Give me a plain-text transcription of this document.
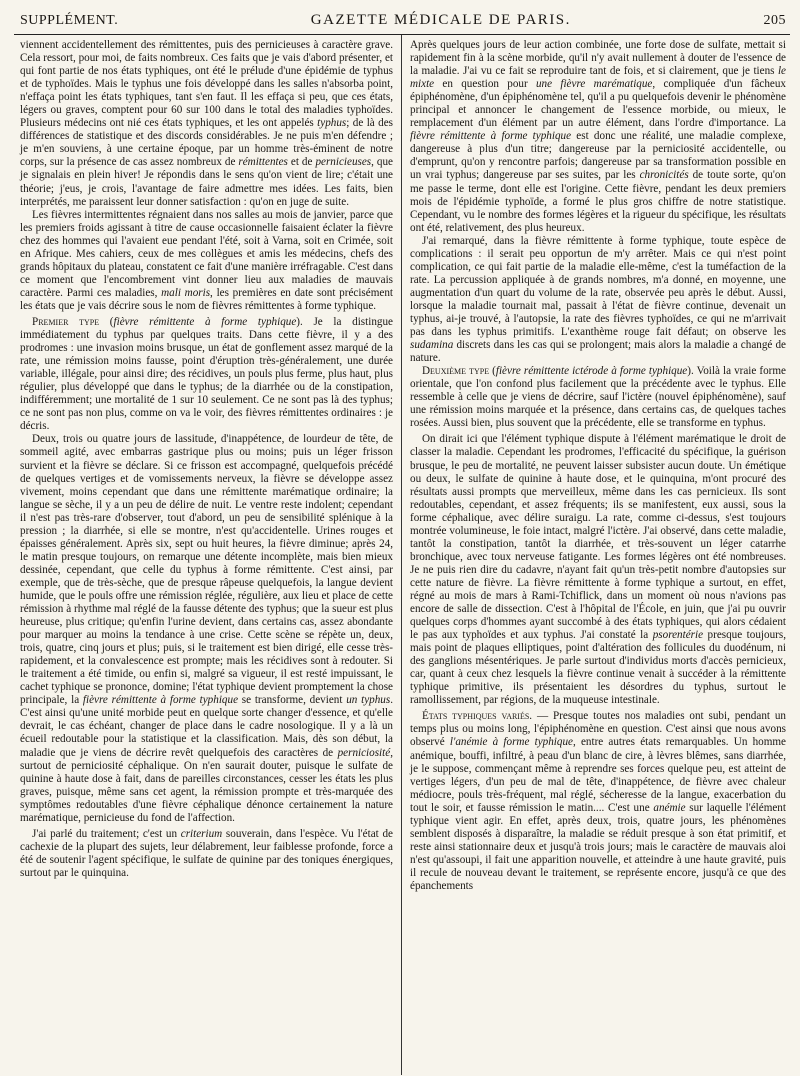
SUPPLÉMENT.	GAZETTE MÉDICALE DE PARIS.	205

viennent accidentellement des rémittentes, puis des pernicieuses à caractère grave. Cela ressort, pour moi, de faits nombreux. Ces faits que je vais d'abord présenter, et qui font partie de nos états typhiques, ont été le prélude d'une épidémie de typhus et de typhoïdes. Mais le typhus une fois développé dans les salles n'absorba point, n'effaça point les états typhiques, tant s'en faut. Il les effaça si peu, que ces états, légers ou graves, comptent pour 60 sur 100 dans le total des maladies typhoïdes. Plusieurs médecins ont nié ces états typhiques, et les ont appelés typhus; de là des différences de statistique et des discords considérables. Je ne puis m'en défendre ; je m'en souviens, à une certaine époque, par un homme très-éminent de notre corps, sur la présence de cas assez nombreux de rémittentes et de pernicieuses, que je signalais en plein hiver! Je répondis dans le sens qu'on vient de lire; c'était une théorie; j'eus, je crois, l'avantage de faire admettre mes idées. Les faits, bien interprétés, me paraissent leur donner satisfaction : qu'on en juge de suite.

Les fièvres intermittentes régnaient dans nos salles au mois de janvier, parce que les premiers froids agissant à titre de cause occasionnelle faisaient éclater la fièvre chez des hommes qui l'avaient eue pendant l'été, soit à Varna, soit en Crimée, soit en Afrique. Mes cahiers, ceux de mes collègues et amis les médecins, chefs des grands hôpitaux du plateau, constatent ce fait d'une manière irréfragable. C'est dans ce moment que l'encombrement vint donner lieu aux maladies de mauvais caractère. Parmi ces maladies, mali moris, les premières en date sont précisément les états que je vais décrire sous le nom de fièvres rémittentes à forme typhique.

Premier type (fièvre rémittente à forme typhique). Je la distingue immédiatement du typhus par quelques traits. Dans cette fièvre, il y a des prodromes : une invasion moins brusque, un état de gonflement assez marqué de la rate, une rémission moins fausse, point d'éruption très-généralement, une durée variable, illégale, pour ainsi dire; des récidives, un pouls plus ferme, plus haut, plus régulier, plus développé que dans le typhus; de la diarrhée ou de la constipation, indifféremment; une mortalité de 1 sur 10 seulement. Ce ne sont pas là des typhus; ce ne sont pas non plus, comme on va le voir, des fièvres rémittentes ordinaires : je décris.

Deux, trois ou quatre jours de lassitude, d'inappétence, de lourdeur de tête, de sommeil agité, avec embarras gastrique plus ou moins; puis un léger frisson survient et la fièvre se déclare. Si ce frisson est accompagné, quelquefois précédé de quelques vertiges et de vomissements nerveux, la fièvre se développe assez vivement, moins cependant que dans une rémittente marématique ordinaire; la langue se sèche, il y a un peu de délire de nuit. Le ventre reste indolent; cependant il n'est pas très-rare d'observer, tout d'abord, un peu de sensibilité splénique à la pression ; la diarrhée, si elle se montre, n'est qu'accidentelle. Urines rouges et épaisses généralement. Après six, sept ou huit heures, la fièvre diminue; après 24, le matin presque toujours, on remarque une détente incomplète, mais bien mieux dessinée, cependant, que celle du typhus à forme rémittente. C'est ainsi, par exemple, que de très-sèche, que de presque râpeuse quelquefois, la langue devient humide, que le pouls offre une rémission réglée, régulière, aux lieu et place de cette rémission à rhythme mal réglé de la fausse détente des typhus; que la sueur est plus heureuse, plus critique; qu'enfin l'urine devient, dans certains cas, assez abondante pour marquer au moins la tendance à une crise. Cette scène se répète un, deux, trois, quatre, cinq jours et plus; puis, si le traitement est bien dirigé, elle cesse très-rapidement, et la convalescence est prompte; mais les récidives sont à redouter. Si le traitement a été timide, ou enfin si, malgré sa vigueur, il est resté impuissant, le cachet typhique se prononce, domine; l'état typhique devient promptement la chose principale, la fièvre rémittente à forme typhique se transforme, devient un typhus. C'est ainsi qu'une unité morbide peut en quelque sorte changer d'essence, et qu'elle devrait, le cas échéant, changer de place dans le cadre nosologique. Il y a là un écueil redoutable pour la statistique et la classification. Mais, dès son début, la maladie que je viens de décrire revêt quelquefois des caractères de perniciosité, surtout de perniciosité céphalique. On n'en saurait douter, puisque le sulfate de quinine à haute dose à fait, dans de pareilles circonstances, cesser les états les plus graves, puisque, même sans cet agent, la rémission prompte et très-marquée des symptômes redoutables d'une fièvre céphalique dénonce certainement la nature marématique, pernicieuse du fond de l'affection.

J'ai parlé du traitement; c'est un criterium souverain, dans l'espèce. Vu l'état de cachexie de la plupart des sujets, leur délabrement, leur faiblesse profonde, force a été de soutenir l'agent spécifique, le sulfate de quinine par des toniques énergiques, surtout par le quinquina.

Après quelques jours de leur action combinée, une forte dose de sulfate, mettait si rapidement fin à la scène morbide, qu'il n'y avait nullement à douter de l'essence de la maladie. J'ai vu ce fait se reproduire tant de fois, et si clairement, que je tiens le mixte en question pour une fièvre marématique, compliquée d'un fâcheux épiphénomène, d'un épiphénomène tel, qu'il a pu quelquefois devenir le phénomène principal et annoncer le changement de l'essence morbide, ou mieux, le remplacement d'un élément par un autre élément, dans l'ordre d'importance. La fièvre rémittente à forme typhique est donc une réalité, une maladie complexe, dangereuse à plus d'un titre; dangereuse par la perniciosité accidentelle, ou d'emprunt, qu'on y rencontre parfois; dangereuse par sa transformation possible en un vrai typhus; dangereuse par ses suites, par les chronicités de toute sorte, qu'on me passe le terme, dont elle est l'origine. Cette fièvre, pendant les deux premiers mois de l'épidémie typhoïde, a formé le plus gros chiffre de notre statistique. Cependant, vu le nombre des formes légères et la rigueur du spécifique, les résultats ont été, relativement, des plus heureux.

J'ai remarqué, dans la fièvre rémittente à forme typhique, toute espèce de complications : il serait peu opportun de m'y arrêter. Mais ce qui n'est point complication, ce qui fait partie de la maladie elle-même, c'est la tuméfaction de la rate. La percussion appliquée à de grands nombres, m'a donné, en moyenne, une augmentation d'un quart du volume de la rate, observée peu après le début. Aussi, lorsque la maladie tournait mal, passait à l'état de fièvre continue, devenait un typhus, ai-je trouvé, à l'autopsie, la rate des fièvres typhoïdes, ce qui ne m'arrivait pas dans les typhus primitifs. L'exanthème rouge fait défaut; on observe les sudamina discrets dans les cas qui se prolongent; mais alors la maladie a changé de nature.

Deuxième type (fièvre rémittente ictérode à forme typhique). Voilà la vraie forme orientale, que l'on confond plus facilement que la précédente avec le typhus. Elle ressemble à celle que je viens de décrire, sauf l'ictère (nouvel épiphénomène), sauf une rémission moins marquée et la présence, dans certains cas, de quelques taches rosées. Aussi bien, plus souvent que la précédente, elle se transforme en typhus.

On dirait ici que l'élément typhique dispute à l'élément marématique le droit de classer la maladie. Cependant les prodromes, l'efficacité du spécifique, la guérison brusque, le peu de mortalité, ne peuvent laisser subsister aucun doute. Un émétique ou deux, le sulfate de quinine à haute dose, et le quinquina, m'ont procuré des résultats aussi prompts que merveilleux, même dans les cas pernicieux. Ils sont redoutables, cependant, et assez fréquents; ils se manifestent, eux aussi, sous la forme céphalique, avec délire suraigu. La rate, comme ci-dessus, s'est toujours montrée volumineuse, le foie intact, malgré l'ictère. J'ai observé, dans cette maladie, tantôt la constipation, tantôt la diarrhée, et très-souvent un léger catarrhe bronchique, avec toux nerveuse fatigante. Les formes légères ont été nombreuses. Je ne puis rien dire du cadavre, n'ayant fait qu'un très-petit nombre d'autopsies sur cette nature de fièvre. La fièvre rémittente à forme typhique a surtout, en effet, régné au mois de mars à Rami-Tchiflick, dans un moment où nous n'avions pas encore de salle de dissection. C'est à l'hôpital de l'École, en juin, que j'ai pu ouvrir quelques corps d'hommes ayant succombé à des états typhiques, qui alors cédaient le pas aux typhoïdes et aux typhus. J'ai constaté la psorentérie presque toujours, mais point de plaques elliptiques, point d'altération des follicules du duodénum, ni des ganglions mésentériques. Je parle surtout d'individus morts d'accès pernicieux, car, quant à ceux chez lesquels la fièvre continue venait à succéder à la rémittente typhique primitive, ils présentaient les désordres du typhus, surtout le ramollissement, par régions, de la muqueuse intestinale.

États typhiques variés. — Presque toutes nos maladies ont subi, pendant un temps plus ou moins long, l'épiphénomène en question. C'est ainsi que nous avons observé l'anémie à forme typhique, entre autres états remarquables. Un homme anémique, bouffi, infiltré, à peau d'un blanc de cire, à lèvres blêmes, sans diarrhée, je le suppose, commençant même à reprendre ses forces quelque peu, est atteint de vertiges légers, d'un peu de mal de tête, d'inappétence, de fièvre avec chaleur médiocre, pouls très-fréquent, mal réglé, sécheresse de la langue, exacerbation du tout le soir, et fausse rémission le matin.... C'est une anémie sur laquelle l'élément typhique vient agir. En effet, après deux, trois, quatre jours, les phénomènes semblent disposés à disparaître, la maladie se réduit presque à son état primitif, et reste ainsi stationnaire deux et jusqu'à trois jours; mais le caractère de mauvais aloi n'est qu'assoupi, il fait une apparition nouvelle, et atteindre à une haute gravité, puis il recule de nouveau devant le traitement, se représente encore, jusqu'à ce que des épanchements
